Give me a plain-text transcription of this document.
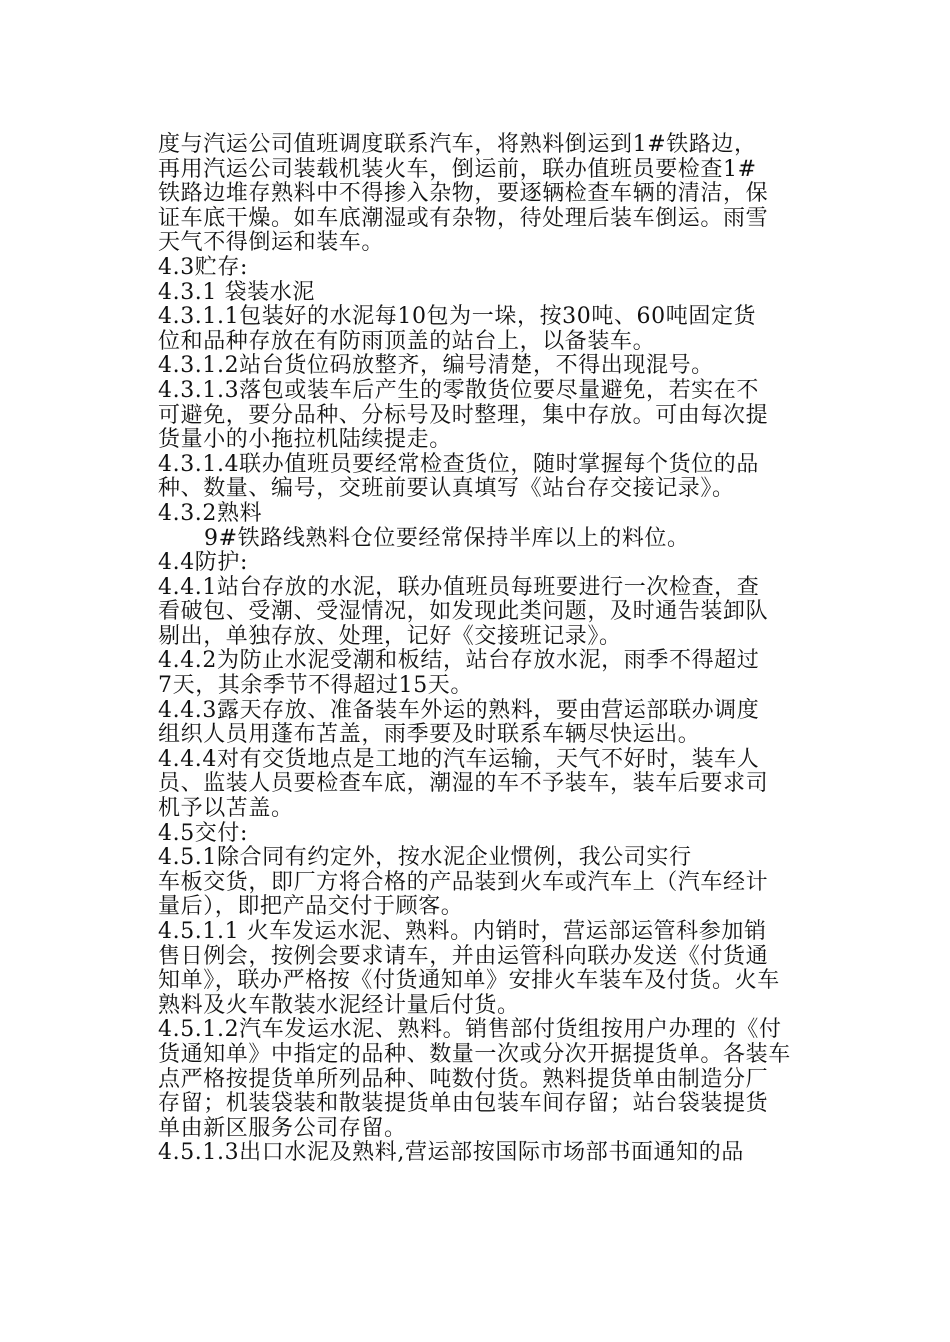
度与汽运公司值班调度联系汽车，将熟料倒运到1#铁路边，
再用汽运公司装载机装火车，倒运前，联办值班员要检查1#
铁路边堆存熟料中不得掺入杂物，要逐辆检查车辆的清洁，保
证车底干燥。如车底潮湿或有杂物，待处理后装车倒运。雨雪
天气不得倒运和装车。
4.3贮存:
4.3.1 袋装水泥
4.3.1.1包装好的水泥每10包为一垛，按30吨、60吨固定货
位和品种存放在有防雨顶盖的站台上，以备装车。
4.3.1.2站台货位码放整齐，编号清楚，不得出现混号。
4.3.1.3落包或装车后产生的零散货位要尽量避免，若实在不
可避免，要分品种、分标号及时整理，集中存放。可由每次提
货量小的小拖拉机陆续提走。
4.3.1.4联办值班员要经常检查货位，随时掌握每个货位的品
种、数量、编号，交班前要认真填写《站台存交接记录》。
4.3.2熟料
9#铁路线熟料仓位要经常保持半库以上的料位。
4.4防护:
4.4.1站台存放的水泥，联办值班员每班要进行一次检查，查
看破包、受潮、受湿情况，如发现此类问题，及时通告装卸队
剔出，单独存放、处理，记好《交接班记录》。
4.4.2为防止水泥受潮和板结，站台存放水泥，雨季不得超过
7天，其余季节不得超过15天。
4.4.3露天存放、准备装车外运的熟料，要由营运部联办调度
组织人员用蓬布苫盖，雨季要及时联系车辆尽快运出。
4.4.4对有交货地点是工地的汽车运输，天气不好时，装车人
员、监装人员要检查车底，潮湿的车不予装车，装车后要求司
机予以苫盖。
4.5交付:
4.5.1除合同有约定外，按水泥企业惯例，我公司实行
车板交货，即厂方将合格的产品装到火车或汽车上（汽车经计
量后），即把产品交付于顾客。
4.5.1.1 火车发运水泥、熟料。内销时，营运部运管科参加销
售日例会，按例会要求请车，并由运管科向联办发送《付货通
知单》，联办严格按《付货通知单》安排火车装车及付货。火车
熟料及火车散装水泥经计量后付货。
4.5.1.2汽车发运水泥、熟料。销售部付货组按用户办理的《付
货通知单》中指定的品种、数量一次或分次开据提货单。各装车
点严格按提货单所列品种、吨数付货。熟料提货单由制造分厂
存留；机装袋装和散装提货单由包装车间存留；站台袋装提货
单由新区服务公司存留。
4.5.1.3出口水泥及熟料,营运部按国际市场部书面通知的品
